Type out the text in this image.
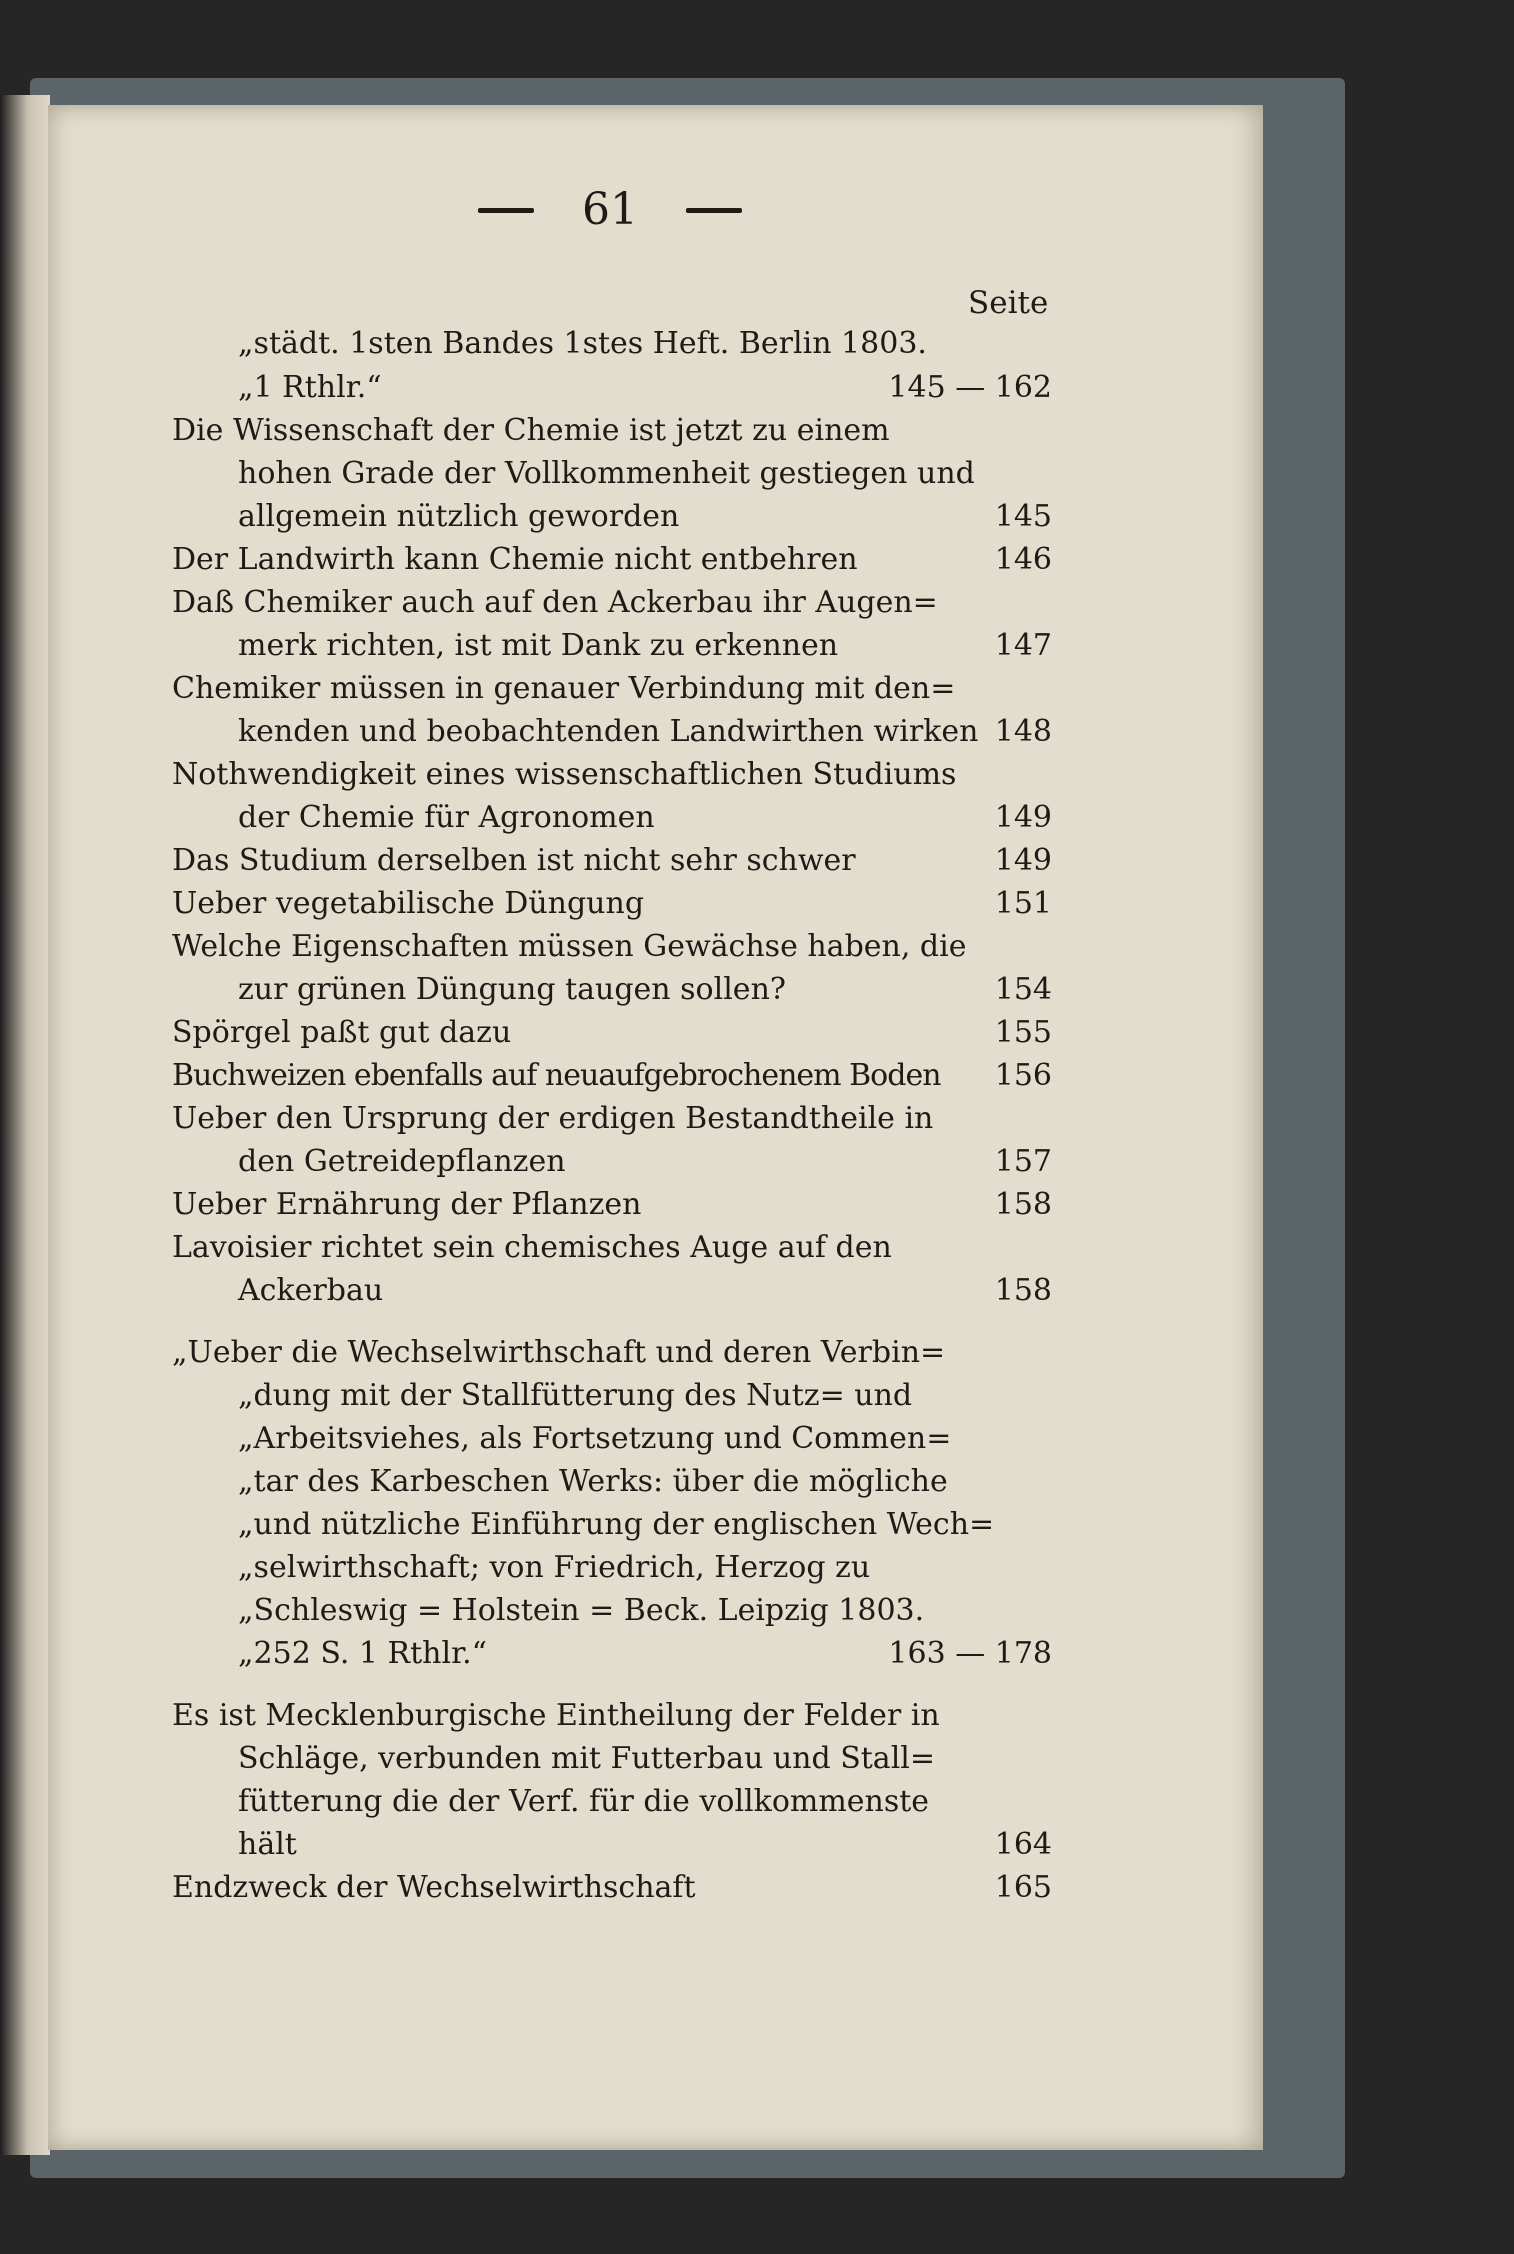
61
Seite
„städt. 1sten Bandes 1stes Heft. Berlin 1803.
„1 Rthlr.“	145 — 162
Die Wissenschaft der Chemie ist jetzt zu einem
hohen Grade der Vollkommenheit gestiegen und
allgemein nützlich geworden	145
Der Landwirth kann Chemie nicht entbehren	146
Daß Chemiker auch auf den Ackerbau ihr Augen=
merk richten, ist mit Dank zu erkennen	147
Chemiker müssen in genauer Verbindung mit den=
kenden und beobachtenden Landwirthen wirken 148
Nothwendigkeit eines wissenschaftlichen Studiums
der Chemie für Agronomen	149
Das Studium derselben ist nicht sehr schwer	149
Ueber vegetabilische Düngung	151
Welche Eigenschaften müssen Gewächse haben, die
zur grünen Düngung taugen sollen?	154
Spörgel paßt gut dazu	155
Buchweizen ebenfalls auf neuaufgebrochenem Boden	156
Ueber den Ursprung der erdigen Bestandtheile in
den Getreidepflanzen	157
Ueber Ernährung der Pflanzen	158
Lavoisier richtet sein chemisches Auge auf den
Ackerbau	158
„Ueber die Wechselwirthschaft und deren Verbin=
„dung mit der Stallfütterung des Nutz= und
„Arbeitsviehes, als Fortsetzung und Commen=
„tar des Karbeschen Werks: über die mögliche
„und nützliche Einführung der englischen Wech=
„selwirthschaft; von Friedrich, Herzog zu
„Schleswig = Holstein = Beck. Leipzig 1803.
„252 S. 1 Rthlr.“	163 — 178
Es ist Mecklenburgische Eintheilung der Felder in
Schläge, verbunden mit Futterbau und Stall=
fütterung die der Verf. für die vollkommenste
hält	164
Endzweck der Wechselwirthschaft	165
